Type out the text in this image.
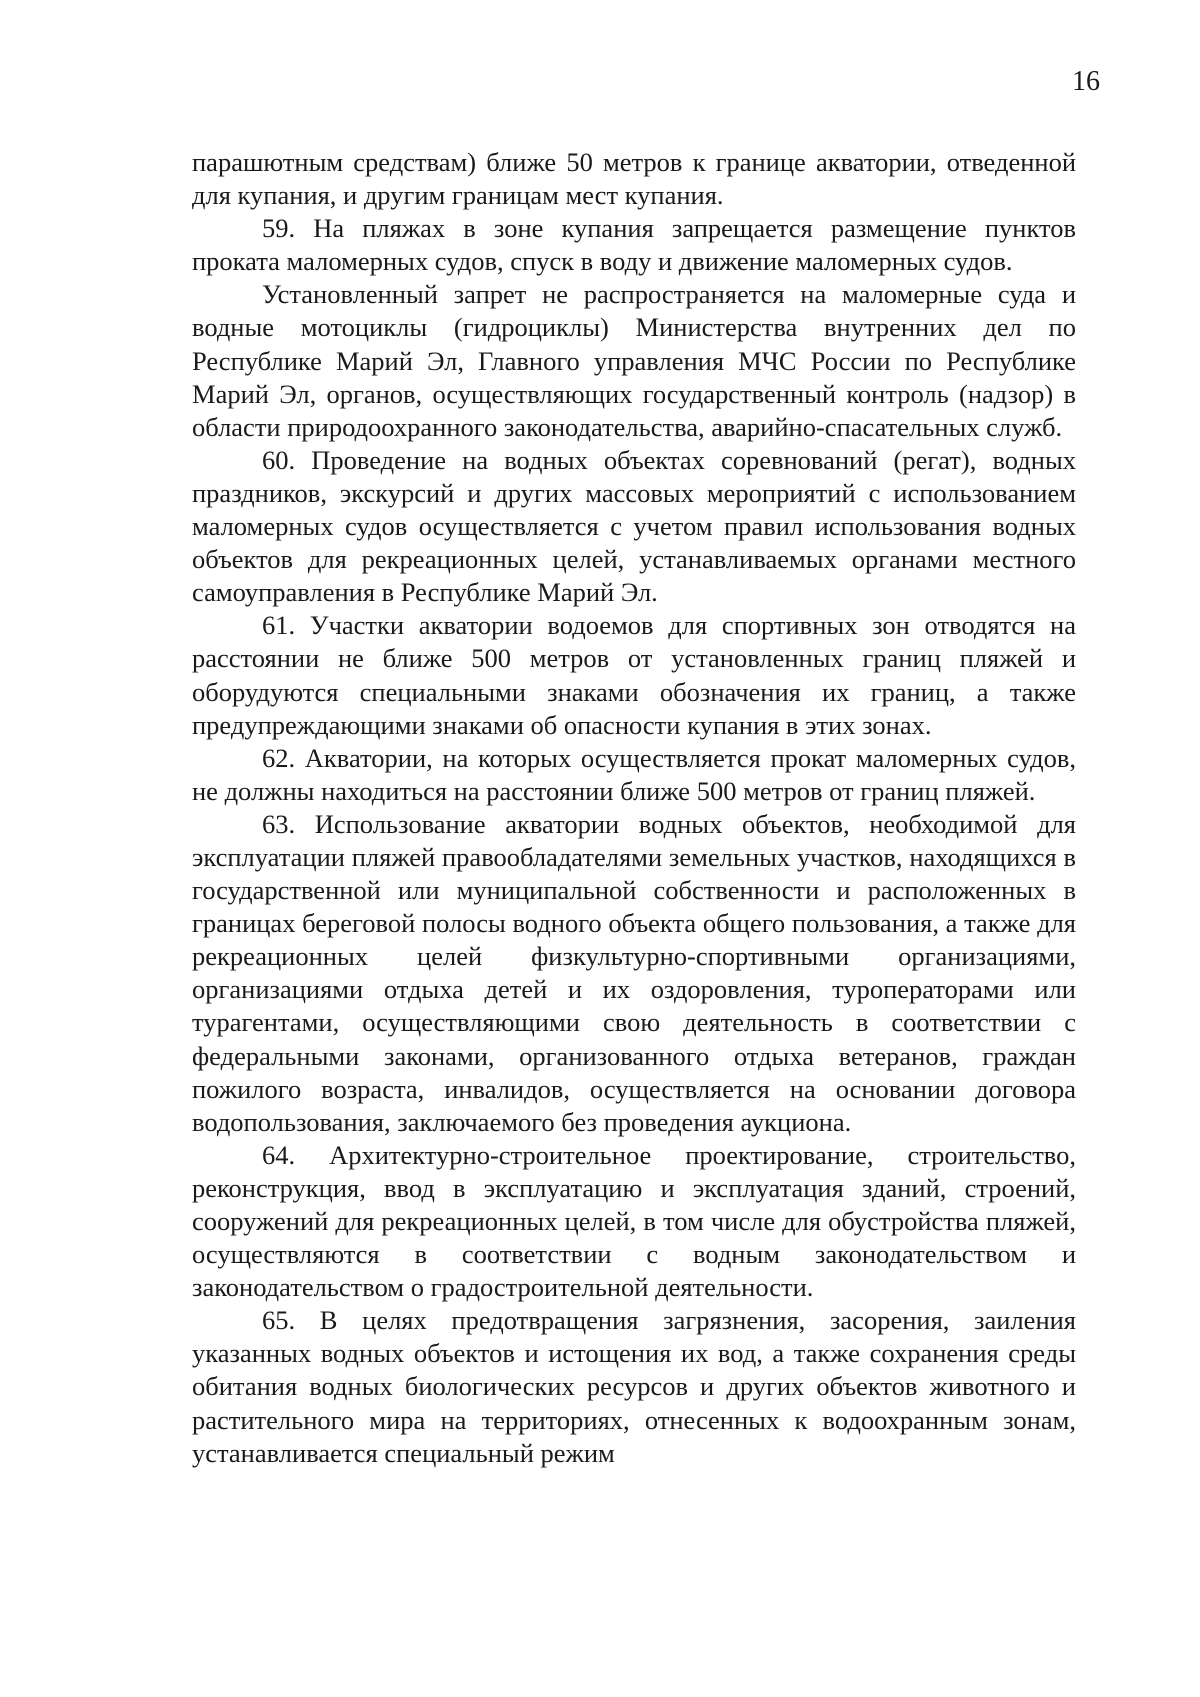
16

парашютным средствам) ближе 50 метров к границе акватории, отведенной для купания, и другим границам мест купания.

59. На пляжах в зоне купания запрещается размещение пунктов проката маломерных судов, спуск в воду и движение маломерных судов.

Установленный запрет не распространяется на маломерные суда и водные мотоциклы (гидроциклы) Министерства внутренних дел по Республике Марий Эл, Главного управления МЧС России по Республике Марий Эл, органов, осуществляющих государственный контроль (надзор) в области природоохранного законодательства, аварийно-спасательных служб.

60. Проведение на водных объектах соревнований (регат), водных праздников, экскурсий и других массовых мероприятий с использованием маломерных судов осуществляется с учетом правил использования водных объектов для рекреационных целей, устанавливаемых органами местного самоуправления в Республике Марий Эл.

61. Участки акватории водоемов для спортивных зон отводятся на расстоянии не ближе 500 метров от установленных границ пляжей и оборудуются специальными знаками обозначения их границ, а также предупреждающими знаками об опасности купания в этих зонах.

62. Акватории, на которых осуществляется прокат маломерных судов, не должны находиться на расстоянии ближе 500 метров от границ пляжей.

63. Использование акватории водных объектов, необходимой для эксплуатации пляжей правообладателями земельных участков, находящихся в государственной или муниципальной собственности и расположенных в границах береговой полосы водного объекта общего пользования, а также для рекреационных целей физкультурно-спортивными организациями, организациями отдыха детей и их оздоровления, туроператорами или турагентами, осуществляющими свою деятельность в соответствии с федеральными законами, организованного отдыха ветеранов, граждан пожилого возраста, инвалидов, осуществляется на основании договора водопользования, заключаемого без проведения аукциона.

64. Архитектурно-строительное проектирование, строительство, реконструкция, ввод в эксплуатацию и эксплуатация зданий, строений, сооружений для рекреационных целей, в том числе для обустройства пляжей, осуществляются в соответствии с водным законодательством и законодательством о градостроительной деятельности.

65. В целях предотвращения загрязнения, засорения, заиления указанных водных объектов и истощения их вод, а также сохранения среды обитания водных биологических ресурсов и других объектов животного и растительного мира на территориях, отнесенных к водоохранным зонам, устанавливается специальный режим
